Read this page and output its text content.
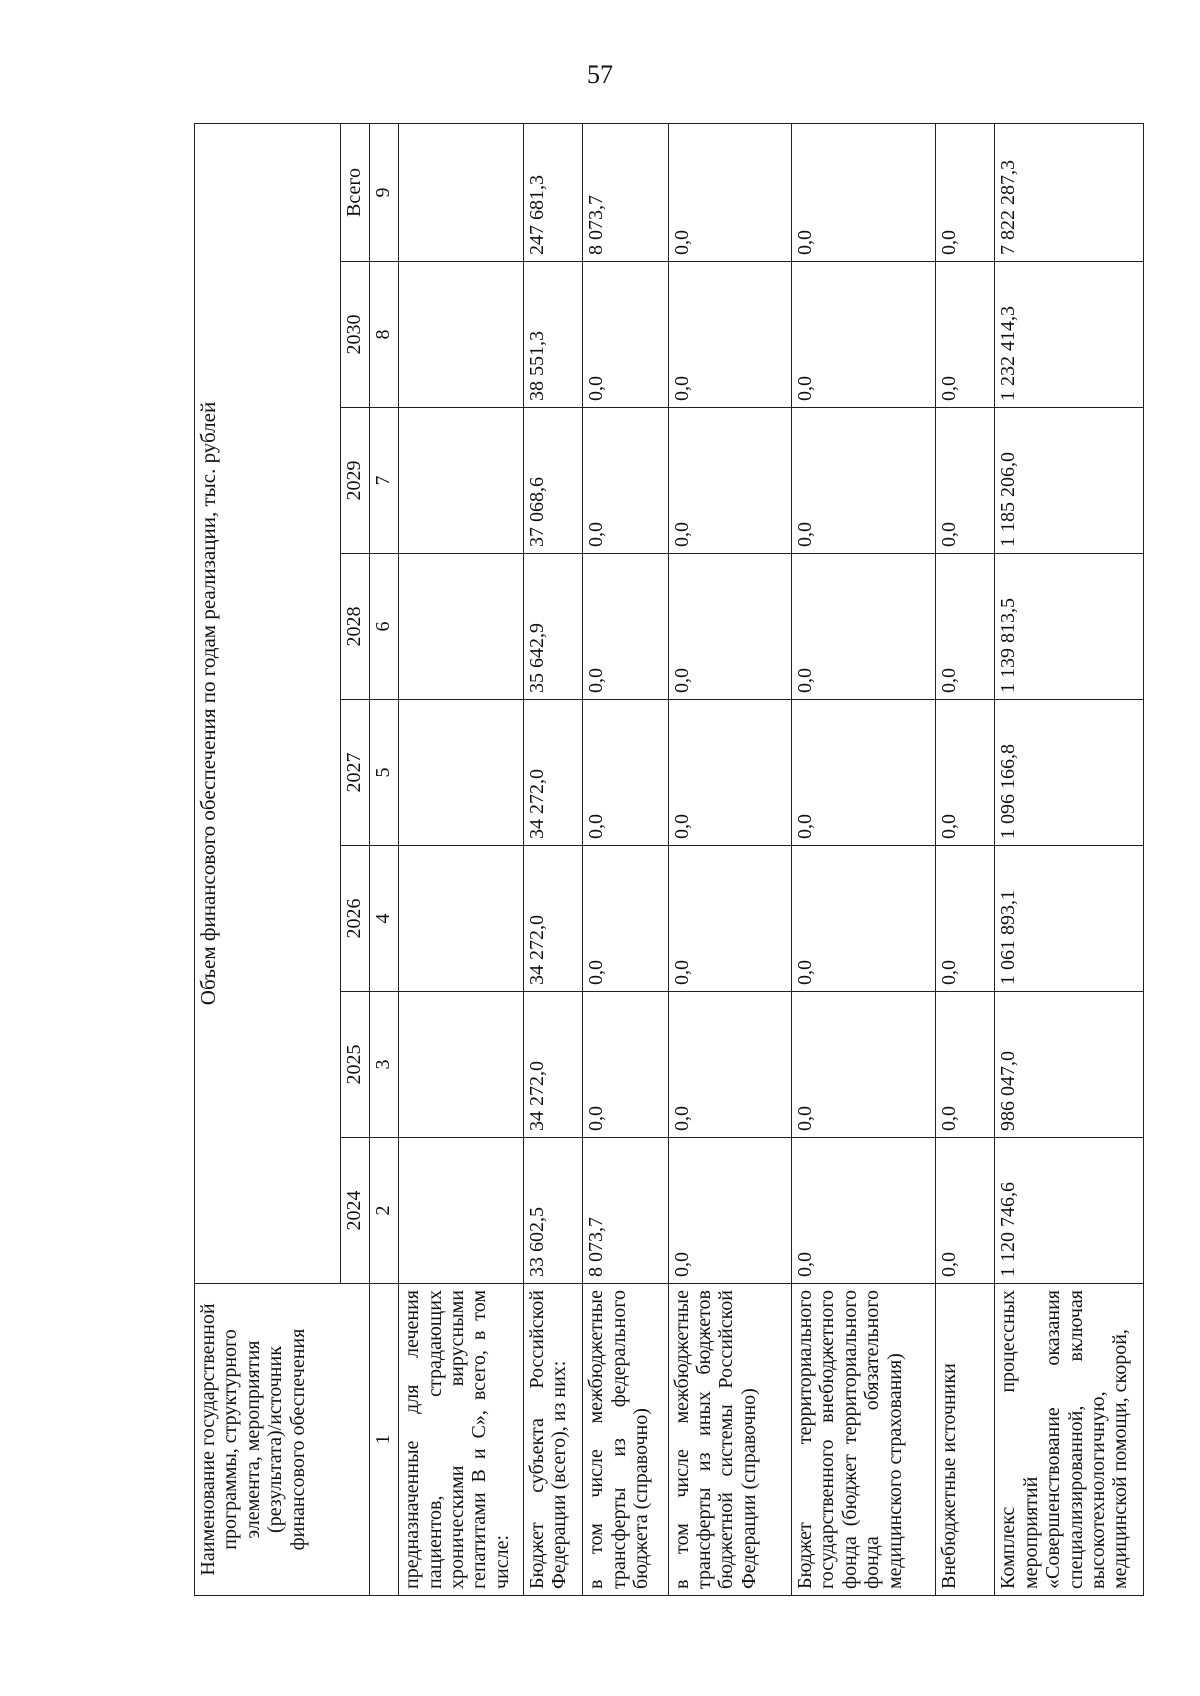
57
Наименование государственной программы, структурного элемента, мероприятия (результата)/источник финансового обеспечения	Объем финансового обеспечения по годам реализации, тыс. рублей							
	2024	2025	2026	2027	2028	2029	2030	Всего
1	2	3	4	5	6	7	8	9
предназначенные для лечения пациентов, страдающих хроническими вирусными гепатитами В и С», всего, в том числе:								
Бюджет субъекта Российской Федерации (всего), из них:	33 602,5	34 272,0	34 272,0	34 272,0	35 642,9	37 068,6	38 551,3	247 681,3
в том числе межбюджетные трансферты из федерального бюджета (справочно)	8 073,7	0,0	0,0	0,0	0,0	0,0	0,0	8 073,7
в том числе межбюджетные трансферты из иных бюджетов бюджетной системы Российской Федерации (справочно)	0,0	0,0	0,0	0,0	0,0	0,0	0,0	0,0
Бюджет территориального государственного внебюджетного фонда (бюджет территориального фонда обязательного медицинского страхования)	0,0	0,0	0,0	0,0	0,0	0,0	0,0	0,0
Внебюджетные источники	0,0	0,0	0,0	0,0	0,0	0,0	0,0	0,0
Комплекс процессных мероприятий «Совершенствование оказания специализированной, включая высокотехнологичную, медицинской помощи, скорой,	1 120 746,6	986 047,0	1 061 893,1	1 096 166,8	1 139 813,5	1 185 206,0	1 232 414,3	7 822 287,3
